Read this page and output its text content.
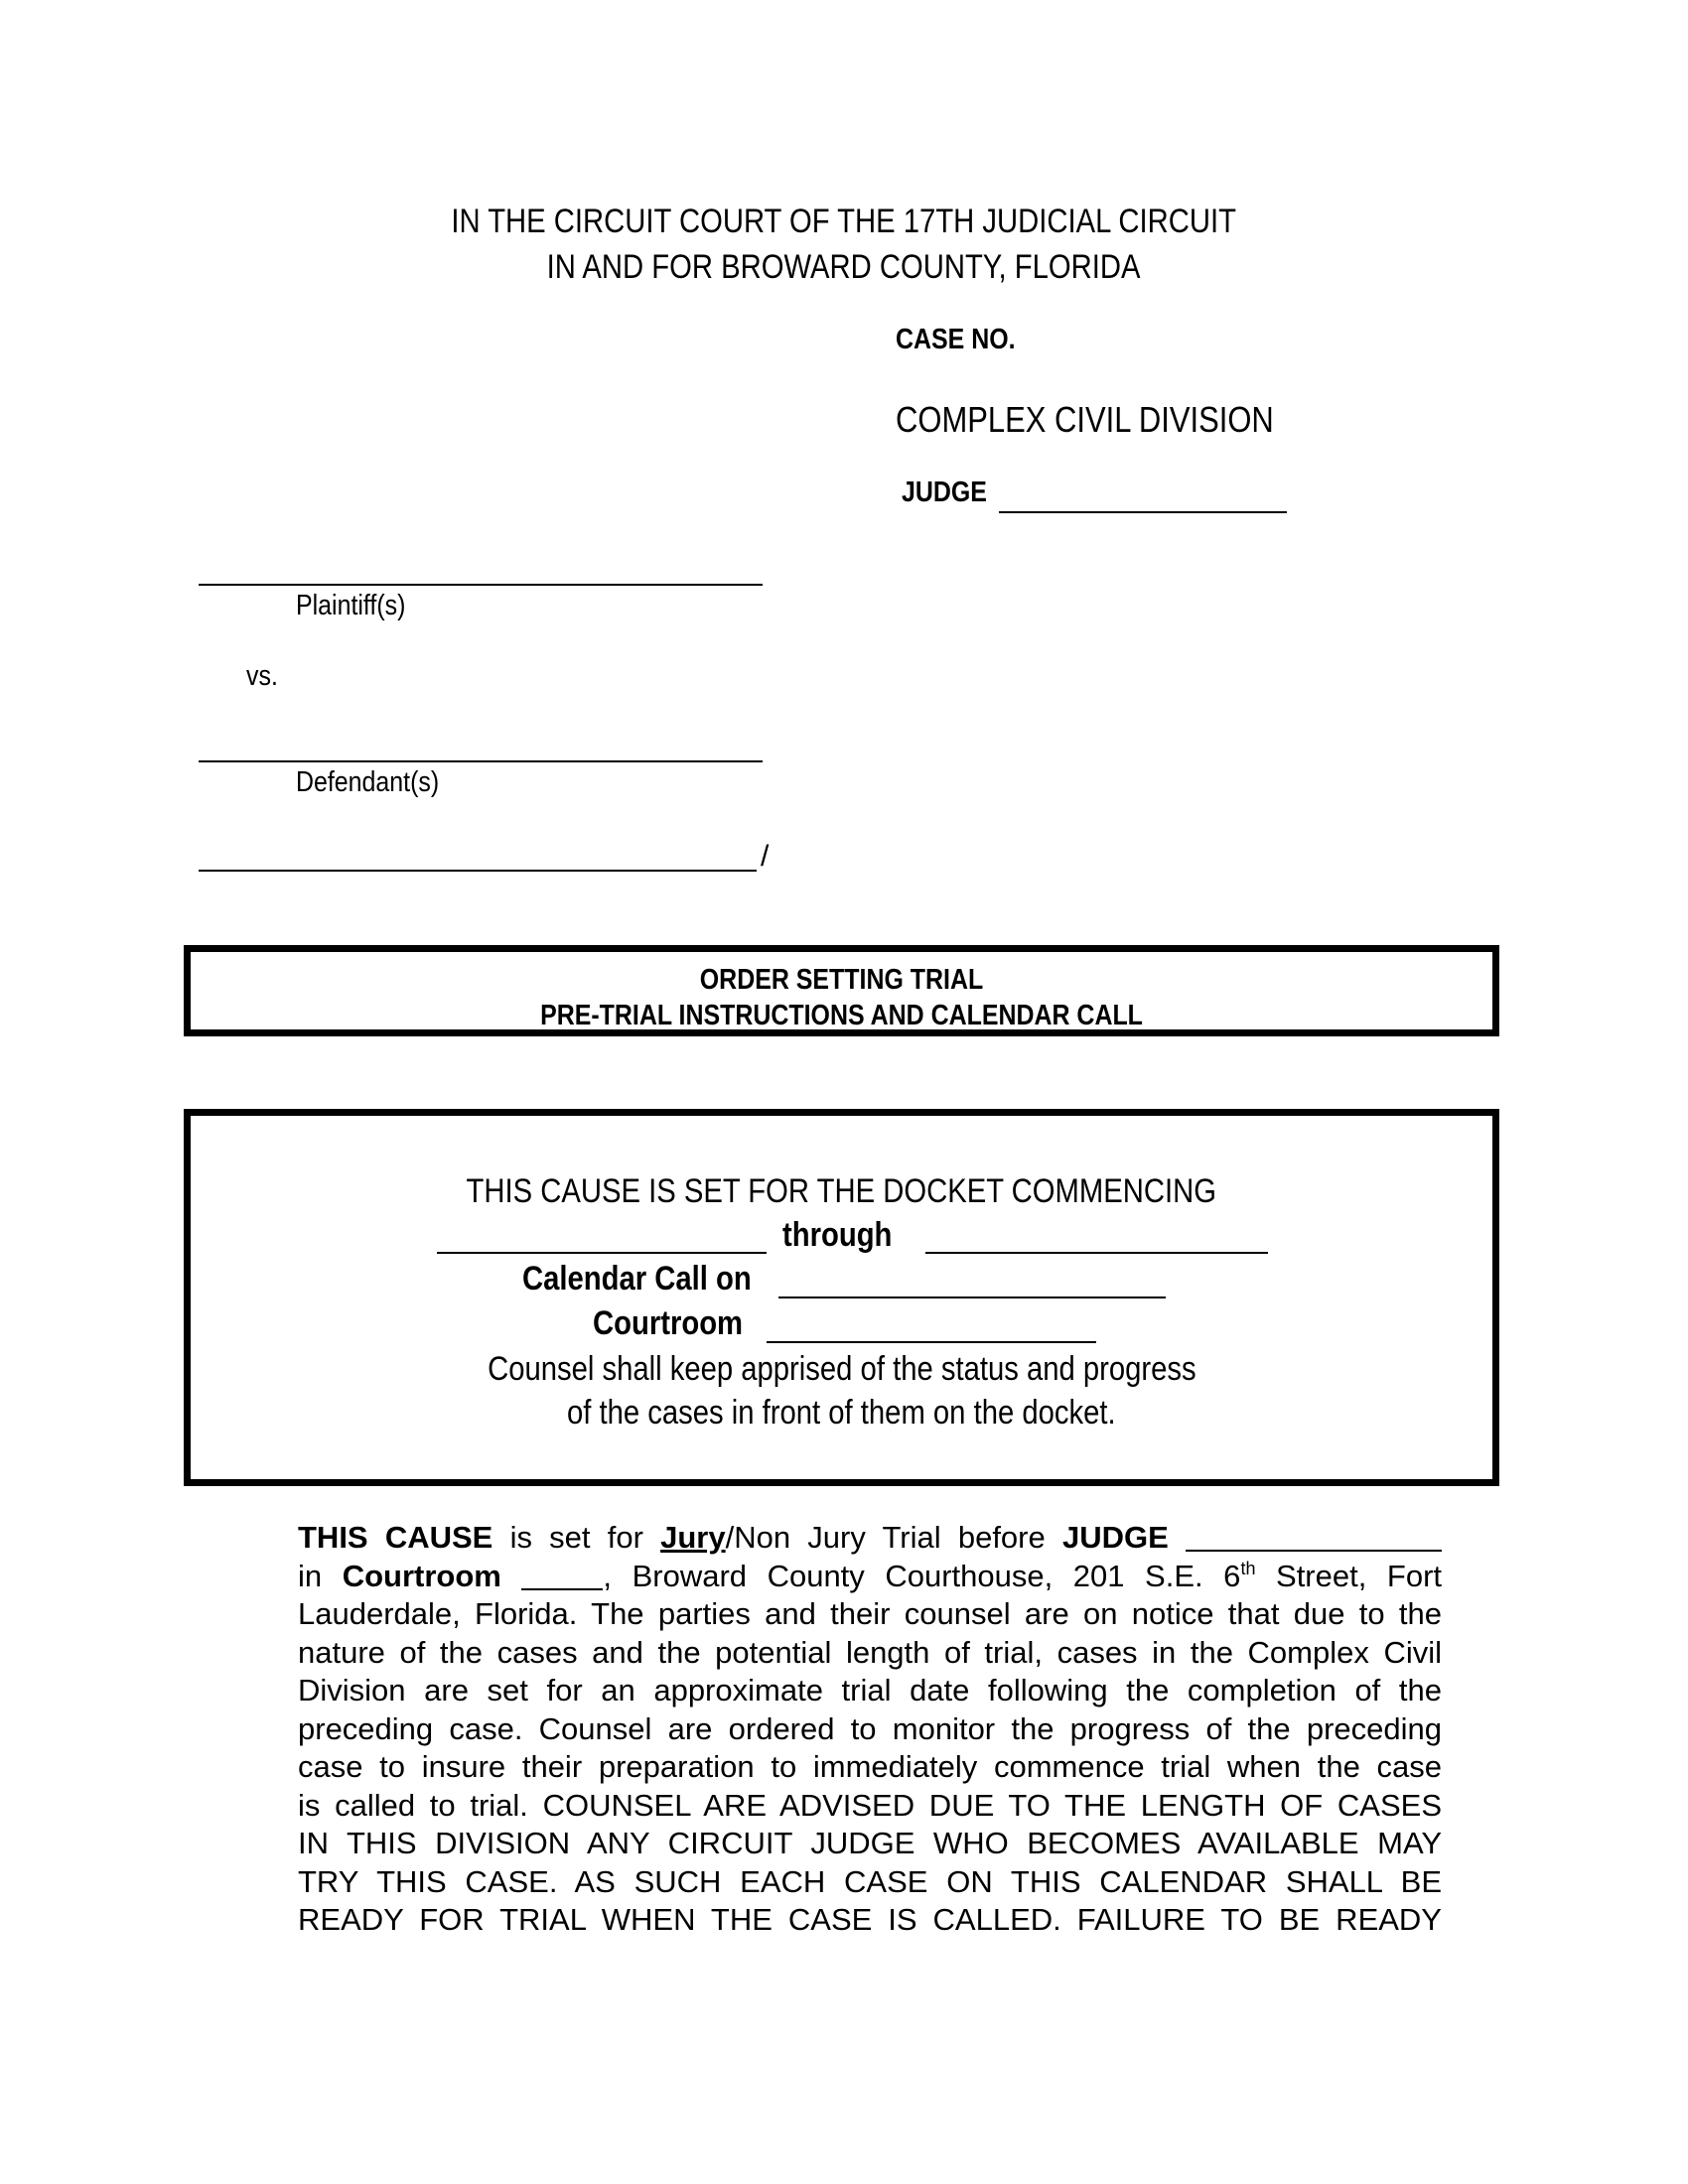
IN THE CIRCUIT COURT OF THE 17TH JUDICIAL CIRCUIT
IN AND FOR BROWARD COUNTY, FLORIDA
CASE NO.
COMPLEX CIVIL DIVISION
JUDGE
Plaintiff(s)
vs.
Defendant(s)
/
ORDER SETTING TRIAL
PRE-TRIAL INSTRUCTIONS AND CALENDAR CALL
THIS CAUSE IS SET FOR THE DOCKET COMMENCING
through
Calendar Call on
Courtroom
Counsel shall keep apprised of the status and progress
of the cases in front of them on the docket.
THIS CAUSE is set for Jury/Non Jury Trial before JUDGE
in Courtroom	, Broward County Courthouse, 201 S.E. 6th Street, Fort
Lauderdale, Florida. The parties and their counsel are on notice that due to the
nature of the cases and the potential length of trial, cases in the Complex Civil
Division are set for an approximate trial date following the completion of the
preceding case. Counsel are ordered to monitor the progress of the preceding
case to insure their preparation to immediately commence trial when the case
is called to trial. COUNSEL ARE ADVISED DUE TO THE LENGTH OF CASES
IN THIS DIVISION ANY CIRCUIT JUDGE WHO BECOMES AVAILABLE MAY
TRY THIS CASE. AS SUCH EACH CASE ON THIS CALENDAR SHALL BE
READY FOR TRIAL WHEN THE CASE IS CALLED. FAILURE TO BE READY
